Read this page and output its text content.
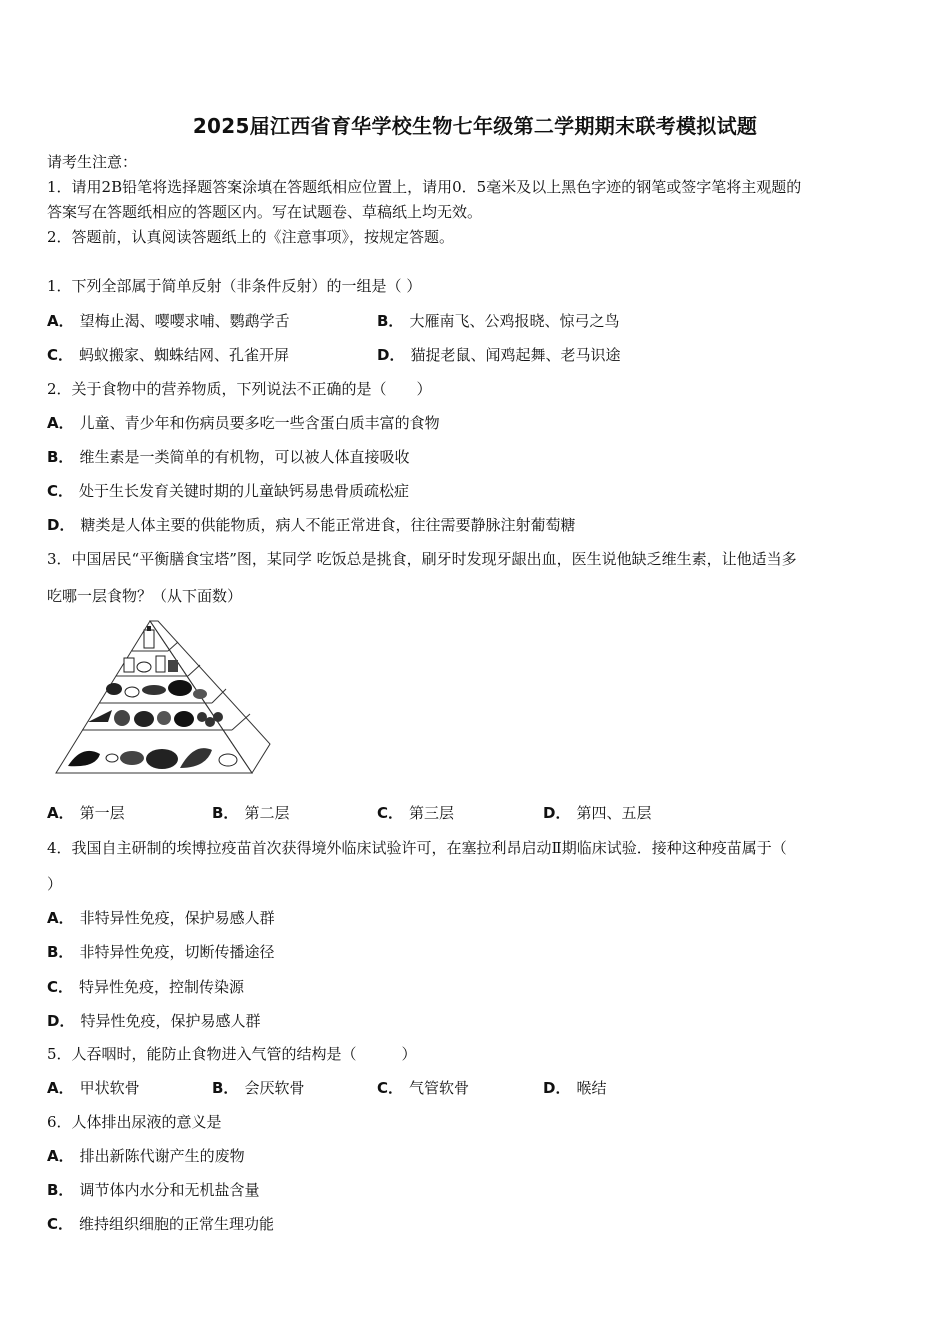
2025届江西省育华学校生物七年级第二学期期末联考模拟试题
请考生注意：
1．请用2B铅笔将选择题答案涂填在答题纸相应位置上，请用0．5毫米及以上黑色字迹的钢笔或签字笔将主观题的
答案写在答题纸相应的答题区内。写在试题卷、草稿纸上均无效。
2．答题前，认真阅读答题纸上的《注意事项》，按规定答题。
1．下列全部属于简单反射（非条件反射）的一组是（ ）
A． 望梅止渴、嘤嘤求哺、鹦鹉学舌	B． 大雁南飞、公鸡报晓、惊弓之鸟
C． 蚂蚁搬家、蜘蛛结网、孔雀开屏	D． 猫捉老鼠、闻鸡起舞、老马识途
2．关于食物中的营养物质，下列说法不正确的是（　　）
A． 儿童、青少年和伤病员要多吃一些含蛋白质丰富的食物
B． 维生素是一类简单的有机物，可以被人体直接吸收
C． 处于生长发育关键时期的儿童缺钙易患骨质疏松症
D． 糖类是人体主要的供能物质，病人不能正常进食，往往需要静脉注射葡萄糖
3．中国居民“平衡膳食宝塔”图，某同学 吃饭总是挑食，刷牙时发现牙龈出血，医生说他缺乏维生素，让他适当多
吃哪一层食物？（从下面数）
A． 第一层	B． 第二层	C． 第三层	D． 第四、五层
4．我国自主研制的埃博拉疫苗首次获得境外临床试验许可，在塞拉利昂启动Ⅱ期临床试验．接种这种疫苗属于（
）
A． 非特异性免疫，保护易感人群
B． 非特异性免疫，切断传播途径
C． 特异性免疫，控制传染源
D． 特异性免疫，保护易感人群
5．人吞咽时，能防止食物进入气管的结构是（　　　）
A． 甲状软骨	B． 会厌软骨	C． 气管软骨	D． 喉结
6．人体排出尿液的意义是
A． 排出新陈代谢产生的废物
B． 调节体内水分和无机盐含量
C． 维持组织细胞的正常生理功能
